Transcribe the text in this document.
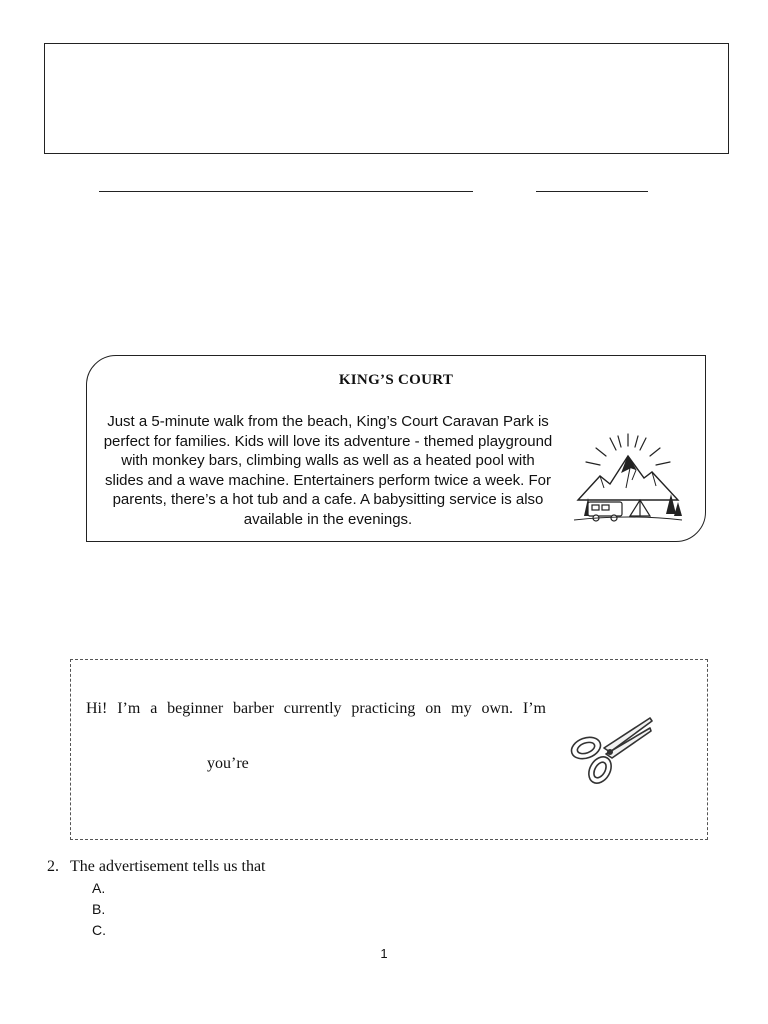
KING’S COURT
Just a 5-minute walk from the beach, King’s Court Caravan Park is perfect for families. Kids will love its adventure - themed playground with monkey bars, climbing walls as well as a heated pool with slides and a wave machine. Entertainers perform twice a week. For parents, there’s a hot tub and a cafe. A babysitting service is also available in the evenings.
Hi! I’m a beginner barber currently practicing on my own. I’m
you’re
2. The advertisement tells us that
A.
B.
C.
1
